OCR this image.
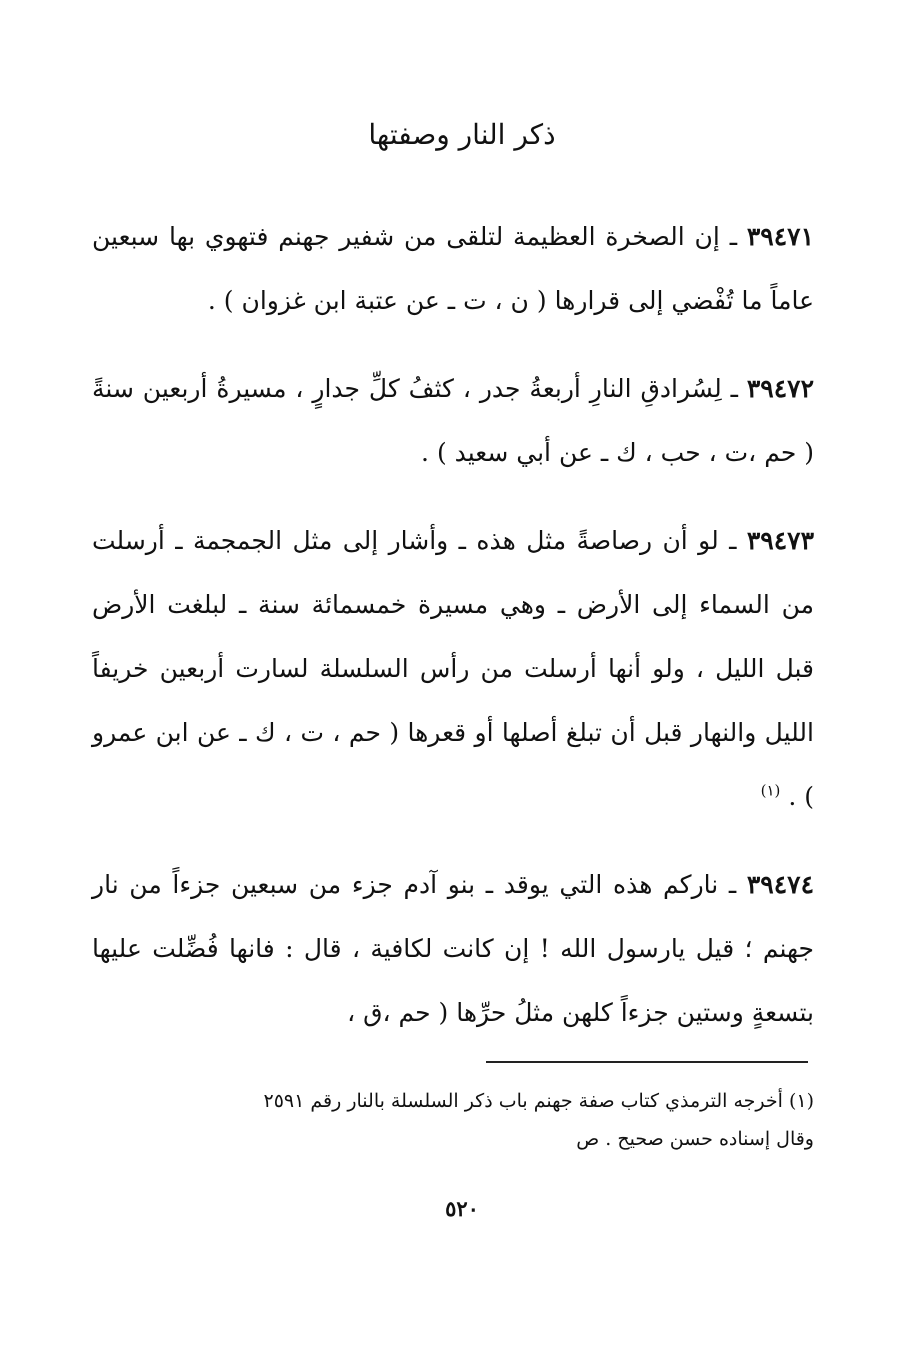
ذكر النار وصفتها

٣٩٤٧١ ـ إن الصخرة العظيمة لتلقى من شفير جهنم فتهوي بها سبعين عاماً ما تُفْضي إلى قرارها ( ن ، ت ـ عن عتبة ابن غزوان ) .

٣٩٤٧٢ ـ لِسُرادقِ النارِ أربعةُ جدر ، كثفُ كلِّ جدارٍ ، مسيرةُ أربعين سنةً ( حم ،ت ، حب ، ك ـ عن أبي سعيد ) .

٣٩٤٧٣ ـ لو أن رصاصةً مثل هذه ـ وأشار إلى مثل الجمجمة ـ أرسلت من السماء إلى الأرض ـ وهي مسيرة خمسمائة سنة ـ لبلغت الأرض قبل الليل ، ولو أنها أرسلت من رأس السلسلة لسارت أربعين خريفاً الليل والنهار قبل أن تبلغ أصلها أو قعرها ( حم ، ت ، ك ـ عن ابن عمرو ) . $^{(١)}$

٣٩٤٧٤ ـ ناركم هذه التي يوقد ـ بنو آدم جزء من سبعين جزءاً من نار جهنم ؛ قيل يارسول الله ! إن كانت لكافية ، قال : فانها فُضِّلت عليها بتسعةٍ وستين جزءاً كلهن مثلُ حرِّها ( حم ،ق ،

(١) أخرجه الترمذي كتاب صفة جهنم باب ذكر السلسلة بالنار رقم ٢٥٩١
وقال إسناده حسن صحيح . ص
٥٢٠
